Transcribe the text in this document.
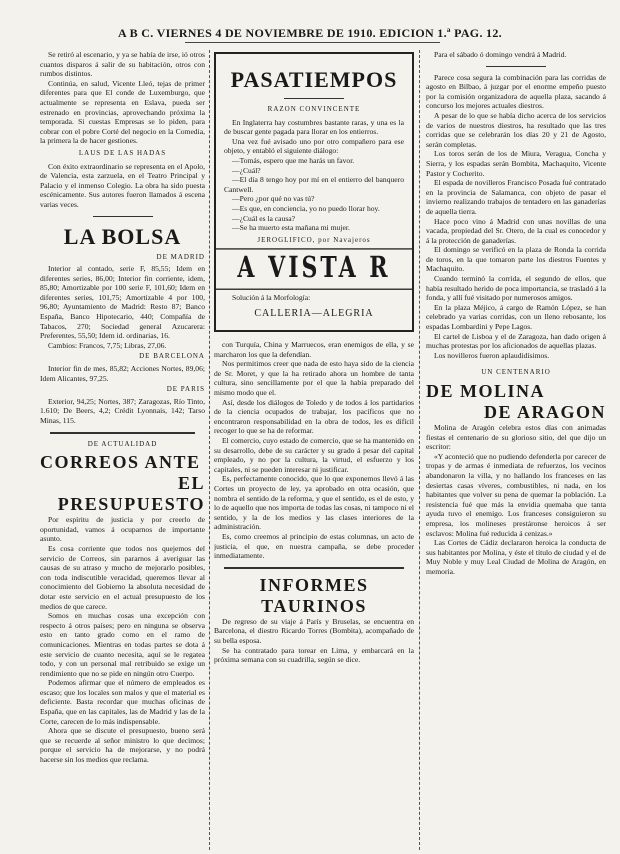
A B C. VIERNES 4 DE NOVIEMBRE DE 1910. EDICION 1.ª PAG. 12.

Se retiró al escenario, y ya se había de irse, ió otros cuantos disparos á salir de su habitación, otros con rumbos distintos.

Continúa, en salud, Vicente Lleó, tejas de primer diferentes para que El conde de Luxemburgo, que actualmente se representa en Eslava, pueda ser estrenado en provincias, aprovechando próxima la temporada. Si cuestas Empresas se lo piden, para cobrar con el pobre Corté del negocio en la Comedia, la primera la de hacer gestiones.

LAUS DE LAS HADAS

Con éxito extraordinario se representa en el Apolo, de Valencia, esta zarzuela, en el Teatro Principal y Palacio y el inmenso Colegio. La obra ha sido puesta escénicamente. Sus autores fueron llamados á escena varias veces.

LA BOLSA
DE MADRID

Interior al contado, serie F, 85,55; Idem en diferentes series, 86,00; Interior fin corriente, idem, 85,80; Amortizable por 100 serie F, 101,60; Idem en diferentes series, 101,75; Amortizable 4 por 100, 96,80; Ayuntamiento de Madrid: Resto 87; Banco España, Banco Hipotecario, 440; Compañía de Tabacos, 270; Sociedad general Azucarera: Preferentes, 55,50; Idem id. ordinarias, 16.

Cambios: Francos, 7,75; Libras, 27,06.

DE BARCELONA

Interior fin de mes, 85,82; Acciones Nortes, 89,06; Idem Alicantes, 97,25.

DE PARIS

Exterior, 94,25; Nortes, 387; Zaragozas, Río Tinto, 1.610; De Beers, 4,2; Crédit Lyonnais, 142; Tarso Minas, 115.

DE ACTUALIDAD
CORREOS ANTE
EL PRESUPUESTO

Por espíritu de justicia y por creerlo de oportunidad, vamos á ocuparnos de importante asunto.

Es cosa corriente que todos nos quejemos del servicio de Correos, sin pararnos á averiguar las causas de su atraso y mucho de mejorarlo posibles, con toda indiscutible veracidad, queremos llevar al conocimiento del Gobierno la absoluta necesidad de dotar este servicio en el actual presupuesto de los medios de que carece.

Somos en muchas cosas una excepción con respecto á otros países; pero en ninguna se observa esto en tanto grado como en el ramo de comunicaciones. Mientras en todas partes se dota á este servicio de cuanto necesita, aquí se le regatea todo, y con un personal mal retribuido se exige un rendimiento que no se pide en ningún otro Cuerpo.

Podemos afirmar que el número de empleados es escaso; que los locales son malos y que el material es deficiente. Basta recordar que muchas oficinas de España, que en las capitales, las de Madrid y las de la Corte, carecen de lo más indispensable.

Ahora que se discute el presupuesto, bueno será que se recuerde al señor ministro lo que decimos; porque el servicio ha de mejorarse, y no podrá hacerse sin los medios que reclama.

PASATIEMPOS
RAZON CONVINCENTE

En Inglaterra hay costumbres bastante raras, y una es la de buscar gente pagada para llorar en los entierros.

Una vez fué avisado uno por otro compañero para ese objeto, y entabló el siguiente diálogo:

—Tomás, espero que me harás un favor.

—¿Cuál?

—El día 8 tengo hoy por mí en el entierro del banquero Cantwell.

—Pero ¿por qué no vas tú?

—Es que, en conciencia, yo no puedo llorar hoy.

—¿Cuál es la causa?

—Se ha muerto esta mañana mi mujer.

JEROGLIFICO, por Navajeros
A VISTA R

Solución á la Morfología:

CALLERIA—ALEGRIA

con Turquía, China y Marruecos, eran enemigos de ella, y se marcharon los que la defendían.

Nos permitimos creer que nada de esto haya sido de la ciencia de Sr. Moret, y que la ha retirado ahora un hombre de tanta cultura, sino sencillamente por el que la había preparado del mismo modo que el.

Así, desde los diálogos de Toledo y de todos á los partidarios de la ciencia ocupados de trabajar, los pacíficos que no encontraron responsabilidad en la obra de todos, les es difícil recoger lo que se ha de reformar.

El comercio, cuyo estado de comercio, que se ha mantenido en su desarrollo, debe de su carácter y su grado á pesar del capital empleado, y no por la cultura, la virtud, el esfuerzo y los capitales, ni se pueden interesar ni justificar.

Es, perfectamente conocido, que lo que exponemos llevó á las Cortes un proyecto de ley, ya aprobado en otra ocasión, que nombra el sentido de la reforma, y que el sentido, es el de esto, y lo de aquello que nos importa de todas las cosas, ni tampoco ni el sentido, y la de los medios y las clases interiores de la administración.

Es, como creemos al principio de estas columnas, un acto de justicia, el que, en nuestra campaña, se debe proceder inmediatamente.

INFORMES TAURINOS

De regreso de su viaje á París y Bruselas, se encuentra en Barcelona, el diestro Ricardo Torres (Bombita), acompañado de su bella esposa.

Se ha contratado para torear en Lima, y embarcará en la próxima semana con su cuadrilla, según se dice.

Para el sábado ó domingo vendrá á Madrid.

Parece cosa segura la combinación para las corridas de agosto en Bilbao, á juzgar por el enorme empeño puesto por la comisión organizadora de aquella plaza, sacando á concurso los mejores actuales diestros.

A pesar de lo que se había dicho acerca de los servicios de varios de nuestros diestros, ha resultado que las tres corridas que se celebrarán los días 20 y 21 de Agosto, serán completas.

Los toros serán de los de Miura, Veragua, Concha y Sierra, y los espadas serán Bombita, Machaquito, Vicente Pastor y Cocherito.

El espada de novilleros Francisco Posada fué contratado en la provincia de Salamanca, con objeto de pasar el invierno realizando trabajos de tentadero en las ganaderías de aquella tierra.

Hace poco vino á Madrid con unas novillas de una vacada, propiedad del Sr. Otero, de la cual es conocedor y á la protección de ganaderías.

El domingo se verificó en la plaza de Ronda la corrida de toros, en la que tomaron parte los diestros Fuentes y Machaquito.

Cuando terminó la corrida, el segundo de ellos, que había resultado herido de poca importancia, se trasladó á la fonda, y allí fué visitado por numerosos amigos.

En la plaza Méjico, á cargo de Ramón López, se han celebrado ya varias corridas, con un lleno rebosante, los espadas Lombardini y Pepe Lagos.

El cartel de Lisboa y el de Zaragoza, han dado origen á muchas protestas por los aficionados de aquellas plazas.

Los novilleros fueron aplaudidísimos.

UN CENTENARIO
DE MOLINA
DE ARAGON

Molina de Aragón celebra estos días con animadas fiestas el centenario de su glorioso sitio, del que dijo un escritor:

«Y aconteció que no pudiendo defenderla por carecer de tropas y de armas é inmediata de refuerzos, los vecinos abandonaron la villa, y no hallando los franceses en las desiertas casas víveres, combustibles, ni nada, en los habitantes que volver su pena de quemar la población. La resistencia fué que más la envidia quemaba que tanta ayuda tuvo el enemigo. Los franceses consiguieron su empresa, los molineses prestáronse heroicos á ser esclavos: Molina fué reducida á cenizas.»

Las Cortes de Cádiz declararon heroica la conducta de sus habitantes por Molina, y éste el título de ciudad y el de Muy Noble y muy Leal Ciudad de Molina de Aragón, en memoria.
